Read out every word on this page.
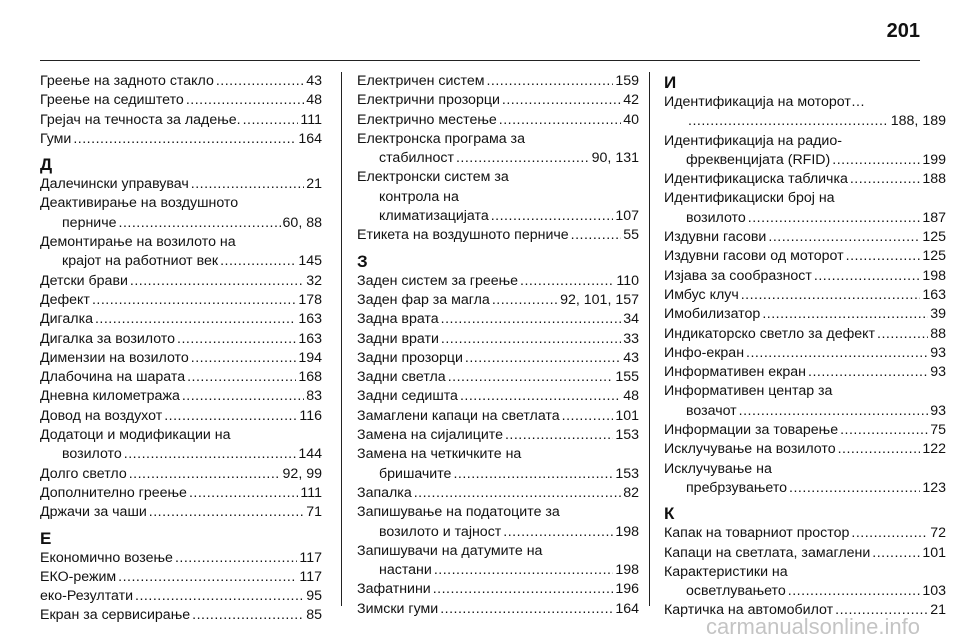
201
Греење на задното стакло .....	43
Греење на седиштето .....	48
Грејач на течноста за ладење. .....	111
Гуми .....	164
Д
Далечински управувач .....	21
Деактивирање на воздушното
перниче .....	60, 88
Демонтирање на возилото на
крајот на работниот век .....	145
Детски брави .....	32
Дефект .....	178
Дигалка .....	163
Дигалка за возилото .....	163
Димензии на возилото .....	194
Длабочина на шарата .....	168
Дневна километража .....	83
Довод на воздухот .....	116
Додатоци и модификации на
возилото .....	144
Долго светло .....	92, 99
Дополнително греење .....	111
Држачи за чаши .....	71
Е
Економично возење .....	117
ЕКО-режим .....	117
еко-Резултати .....	95
Екран за сервисирање .....	85
Електричен систем .....	159
Електрични прозорци .....	42
Електрично местење .....	40
Електронска програма за
стабилност .....	90, 131
Електронски систем за
контрола на
климатизацијата .....	107
Етикета на воздушното перниче .....	55
З
Заден систем за греење .....	110
Заден фар за магла .....	92, 101, 157
Задна врата .....	34
Задни врати .....	33
Задни прозорци .....	43
Задни светла .....	155
Задни седишта .....	48
Замаглени капаци на светлата .....	101
Замена на сијалиците .....	153
Замена на четкичките на
бришачите .....	153
Запалка .....	82
Запишување на податоците за
возилото и тајност .....	198
Запишувачи на датумите на
настани .....	198
Зафатнини .....	196
Зимски гуми .....	164
И
Идентификација на моторот…
.....
188, 189
Идентификација на радио-
фреквенцијата (RFID) .....	199
Идентификациска табличка .....	188
Идентификациски број на
возилото .....	187
Издувни гасови .....	125
Издувни гасови од моторот .....	125
Изјава за сообразност .....	198
Имбус клуч .....	163
Имобилизатор .....	39
Индикаторско светло за дефект .....	88
Инфо-екран .....	93
Информативен екран .....	93
Информативен центар за
возачот .....	93
Информации за товарење .....	75
Исклучување на возилото .....	122
Исклучување на
пребрзувањето .....	123
К
Капак на товарниот простор .....	72
Капаци на светлата, замаглени .....	101
Карактеристики на
осветлувањето .....	103
Картичка на автомобилот .....	21
carmanualsonline.info
